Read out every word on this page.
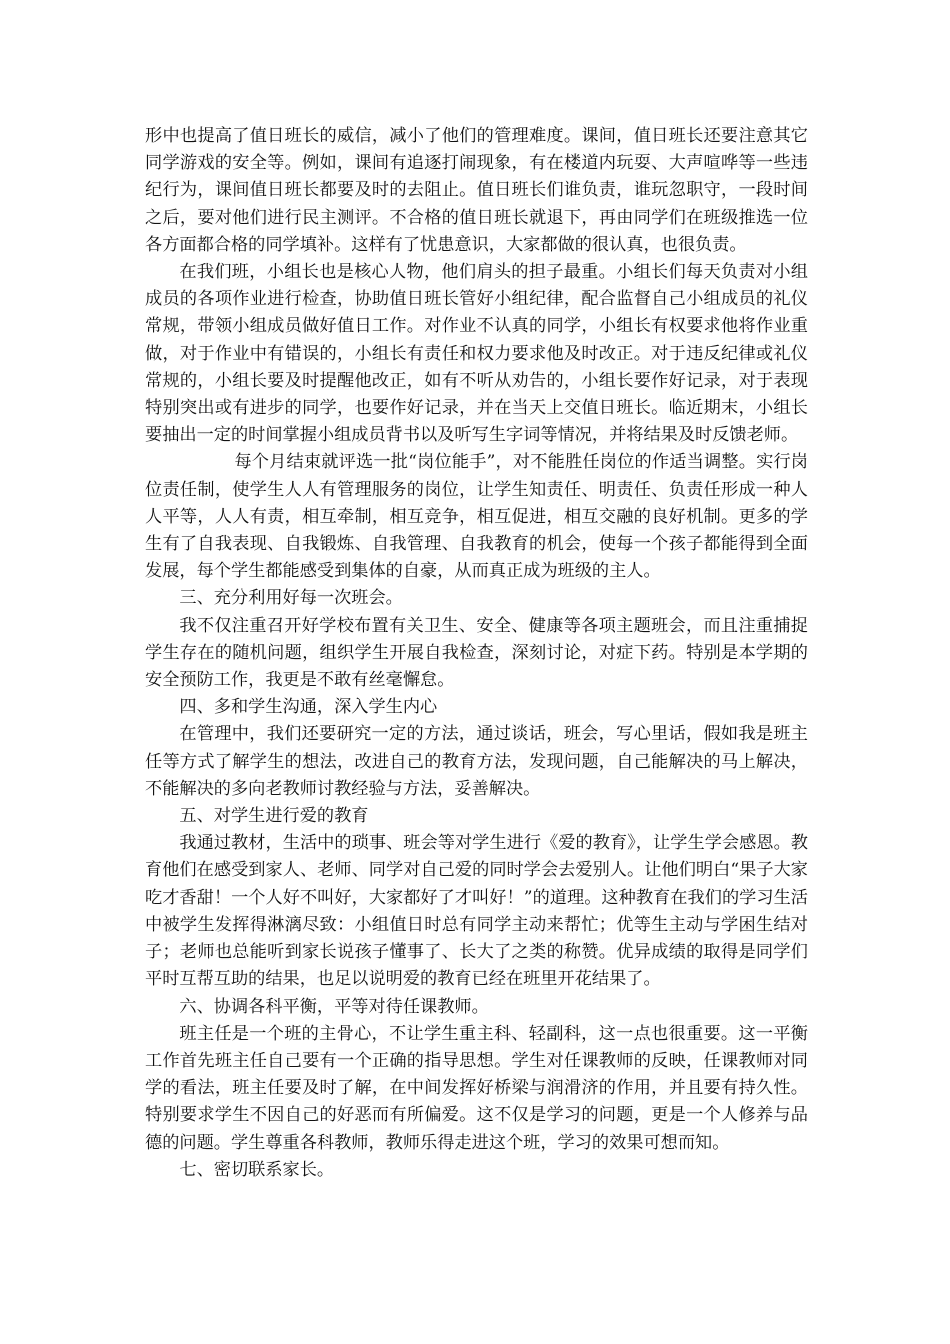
形中也提高了值日班长的威信，减小了他们的管理难度。课间，值日班长还要注意其它同学游戏的安全等。例如，课间有追逐打闹现象，有在楼道内玩耍、大声喧哗等一些违纪行为，课间值日班长都要及时的去阻止。值日班长们谁负责，谁玩忽职守，一段时间之后，要对他们进行民主测评。不合格的值日班长就退下，再由同学们在班级推选一位各方面都合格的同学填补。这样有了忧患意识，大家都做的很认真，也很负责。

在我们班，小组长也是核心人物，他们肩头的担子最重。小组长们每天负责对小组成员的各项作业进行检查，协助值日班长管好小组纪律，配合监督自己小组成员的礼仪常规，带领小组成员做好值日工作。对作业不认真的同学，小组长有权要求他将作业重做，对于作业中有错误的，小组长有责任和权力要求他及时改正。对于违反纪律或礼仪常规的，小组长要及时提醒他改正，如有不听从劝告的，小组长要作好记录，对于表现特别突出或有进步的同学，也要作好记录，并在当天上交值日班长。临近期末，小组长要抽出一定的时间掌握小组成员背书以及听写生字词等情况，并将结果及时反馈老师。

每个月结束就评选一批“岗位能手”，对不能胜任岗位的作适当调整。实行岗位责任制，使学生人人有管理服务的岗位，让学生知责任、明责任、负责任形成一种人人平等，人人有责，相互牵制，相互竞争，相互促进，相互交融的良好机制。更多的学生有了自我表现、自我锻炼、自我管理、自我教育的机会，使每一个孩子都能得到全面发展，每个学生都能感受到集体的自豪，从而真正成为班级的主人。

三、充分利用好每一次班会。

我不仅注重召开好学校布置有关卫生、安全、健康等各项主题班会，而且注重捕捉学生存在的随机问题，组织学生开展自我检查，深刻讨论，对症下药。特别是本学期的安全预防工作，我更是不敢有丝毫懈怠。

四、多和学生沟通，深入学生内心

在管理中，我们还要研究一定的方法，通过谈话，班会，写心里话，假如我是班主任等方式了解学生的想法，改进自己的教育方法，发现问题，自己能解决的马上解决，不能解决的多向老教师讨教经验与方法，妥善解决。

五、对学生进行爱的教育

我通过教材，生活中的琐事、班会等对学生进行《爱的教育》，让学生学会感恩。教育他们在感受到家人、老师、同学对自己爱的同时学会去爱别人。让他们明白“果子大家吃才香甜！一个人好不叫好，大家都好了才叫好！”的道理。这种教育在我们的学习生活中被学生发挥得淋漓尽致：小组值日时总有同学主动来帮忙；优等生主动与学困生结对子；老师也总能听到家长说孩子懂事了、长大了之类的称赞。优异成绩的取得是同学们平时互帮互助的结果，也足以说明爱的教育已经在班里开花结果了。

六、协调各科平衡，平等对待任课教师。

班主任是一个班的主骨心，不让学生重主科、轻副科，这一点也很重要。这一平衡工作首先班主任自己要有一个正确的指导思想。学生对任课教师的反映，任课教师对同学的看法，班主任要及时了解，在中间发挥好桥梁与润滑济的作用，并且要有持久性。特别要求学生不因自己的好恶而有所偏爱。这不仅是学习的问题，更是一个人修养与品德的问题。学生尊重各科教师，教师乐得走进这个班，学习的效果可想而知。

七、密切联系家长。
